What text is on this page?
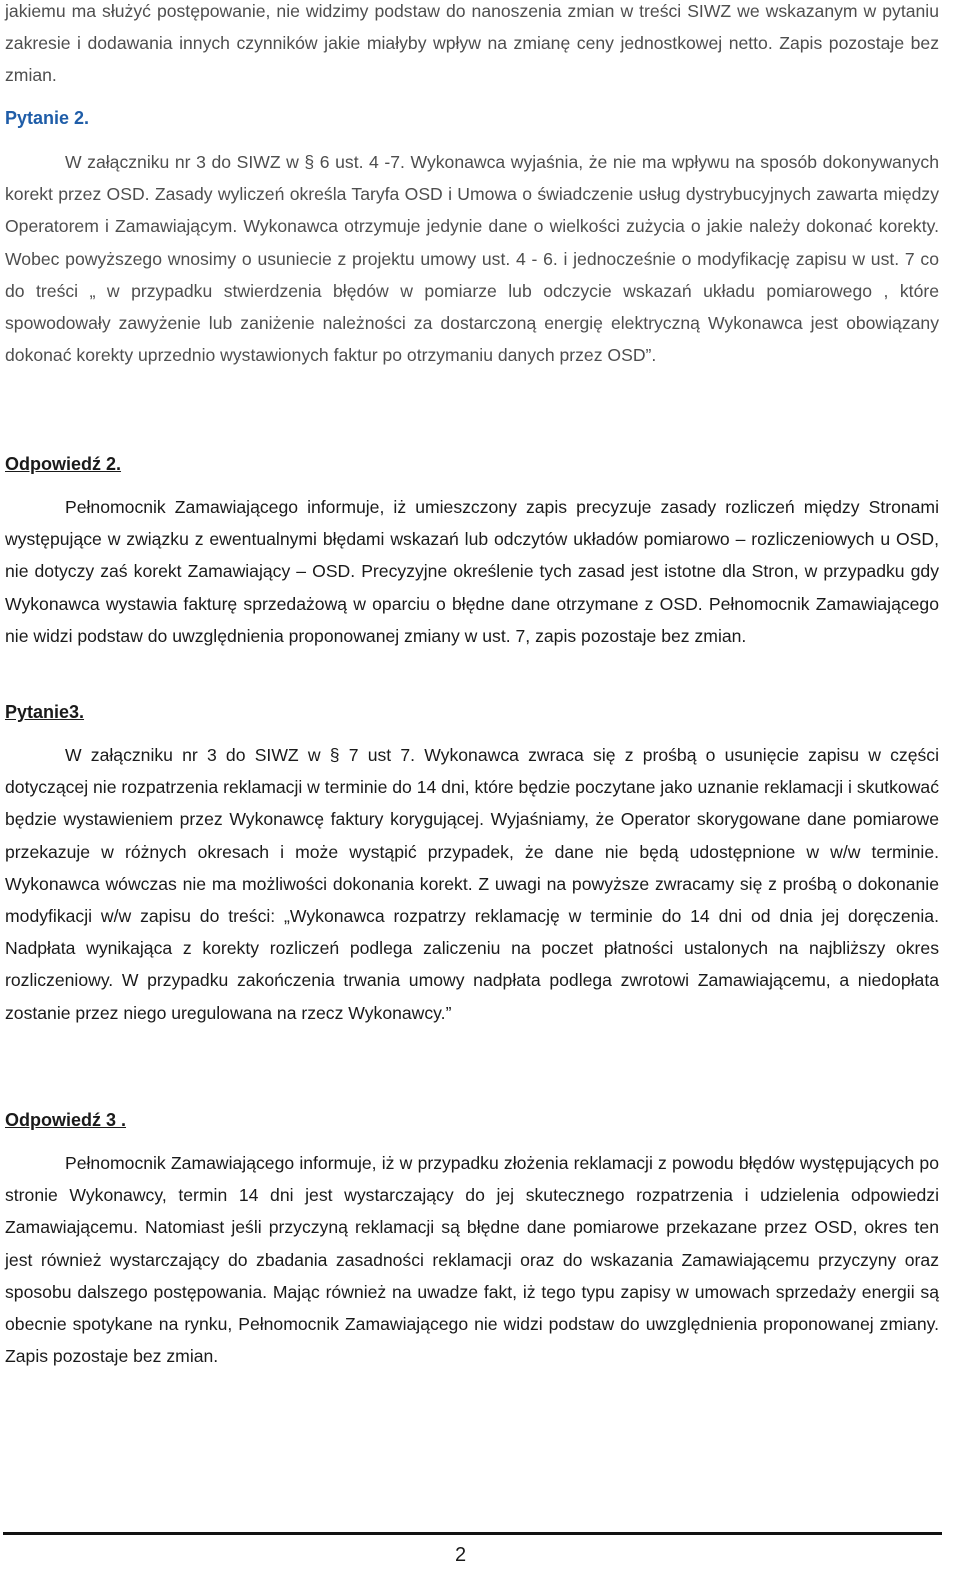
jakiemu ma służyć postępowanie, nie widzimy podstaw do nanoszenia zmian w treści SIWZ we wskazanym w pytaniu zakresie i dodawania innych czynników jakie miałyby wpływ na zmianę ceny jednostkowej netto. Zapis pozostaje bez zmian.

Pytanie 2.

W załączniku nr 3 do SIWZ w § 6 ust. 4 -7. Wykonawca wyjaśnia, że nie ma wpływu na sposób dokonywanych korekt przez OSD. Zasady wyliczeń określa Taryfa OSD i Umowa o świadczenie usług dystrybucyjnych zawarta między Operatorem i Zamawiającym. Wykonawca otrzymuje jedynie dane o wielkości zużycia o jakie należy dokonać korekty. Wobec powyższego wnosimy o usuniecie z projektu umowy ust. 4 - 6. i jednocześnie o modyfikację zapisu w ust. 7 co do treści „ w przypadku stwierdzenia błędów w pomiarze lub odczycie wskazań układu pomiarowego , które spowodowały zawyżenie lub zaniżenie należności za dostarczoną energię elektryczną Wykonawca jest obowiązany dokonać korekty uprzednio wystawionych faktur po otrzymaniu danych przez OSD”.

Odpowiedź 2.

Pełnomocnik Zamawiającego informuje, iż umieszczony zapis precyzuje zasady rozliczeń między Stronami występujące w związku z ewentualnymi błędami wskazań lub odczytów układów pomiarowo – rozliczeniowych u OSD, nie dotyczy zaś korekt Zamawiający – OSD. Precyzyjne określenie tych zasad jest istotne dla Stron, w przypadku gdy Wykonawca wystawia fakturę sprzedażową w oparciu o błędne dane otrzymane z OSD. Pełnomocnik Zamawiającego nie widzi podstaw do uwzględnienia proponowanej zmiany w ust. 7, zapis pozostaje bez zmian.

Pytanie3.

W załączniku nr 3 do SIWZ w § 7 ust 7. Wykonawca zwraca się z prośbą o usunięcie zapisu w części dotyczącej nie rozpatrzenia reklamacji w terminie do 14 dni, które będzie poczytane jako uznanie reklamacji i skutkować będzie wystawieniem przez Wykonawcę faktury korygującej. Wyjaśniamy, że Operator skorygowane dane pomiarowe przekazuje w różnych okresach i może wystąpić przypadek, że dane nie będą udostępnione w w/w terminie. Wykonawca wówczas nie ma możliwości dokonania korekt. Z uwagi na powyższe zwracamy się z prośbą o dokonanie modyfikacji w/w zapisu do treści: „Wykonawca rozpatrzy reklamację w terminie do 14 dni od dnia jej doręczenia. Nadpłata wynikająca z korekty rozliczeń podlega zaliczeniu na poczet płatności ustalonych na najbliższy okres rozliczeniowy. W przypadku zakończenia trwania umowy nadpłata podlega zwrotowi Zamawiającemu, a niedopłata zostanie przez niego uregulowana na rzecz Wykonawcy.”

Odpowiedź 3 .

Pełnomocnik Zamawiającego informuje, iż w przypadku złożenia reklamacji z powodu błędów występujących po stronie Wykonawcy, termin 14 dni jest wystarczający do jej skutecznego rozpatrzenia i udzielenia odpowiedzi Zamawiającemu. Natomiast jeśli przyczyną reklamacji są błędne dane pomiarowe przekazane przez OSD, okres ten jest również wystarczający do zbadania zasadności reklamacji oraz do wskazania Zamawiającemu przyczyny oraz sposobu dalszego postępowania. Mając również na uwadze fakt, iż tego typu zapisy w umowach sprzedaży energii są obecnie spotykane na rynku, Pełnomocnik Zamawiającego nie widzi podstaw do uwzględnienia proponowanej zmiany. Zapis pozostaje bez zmian.

2
